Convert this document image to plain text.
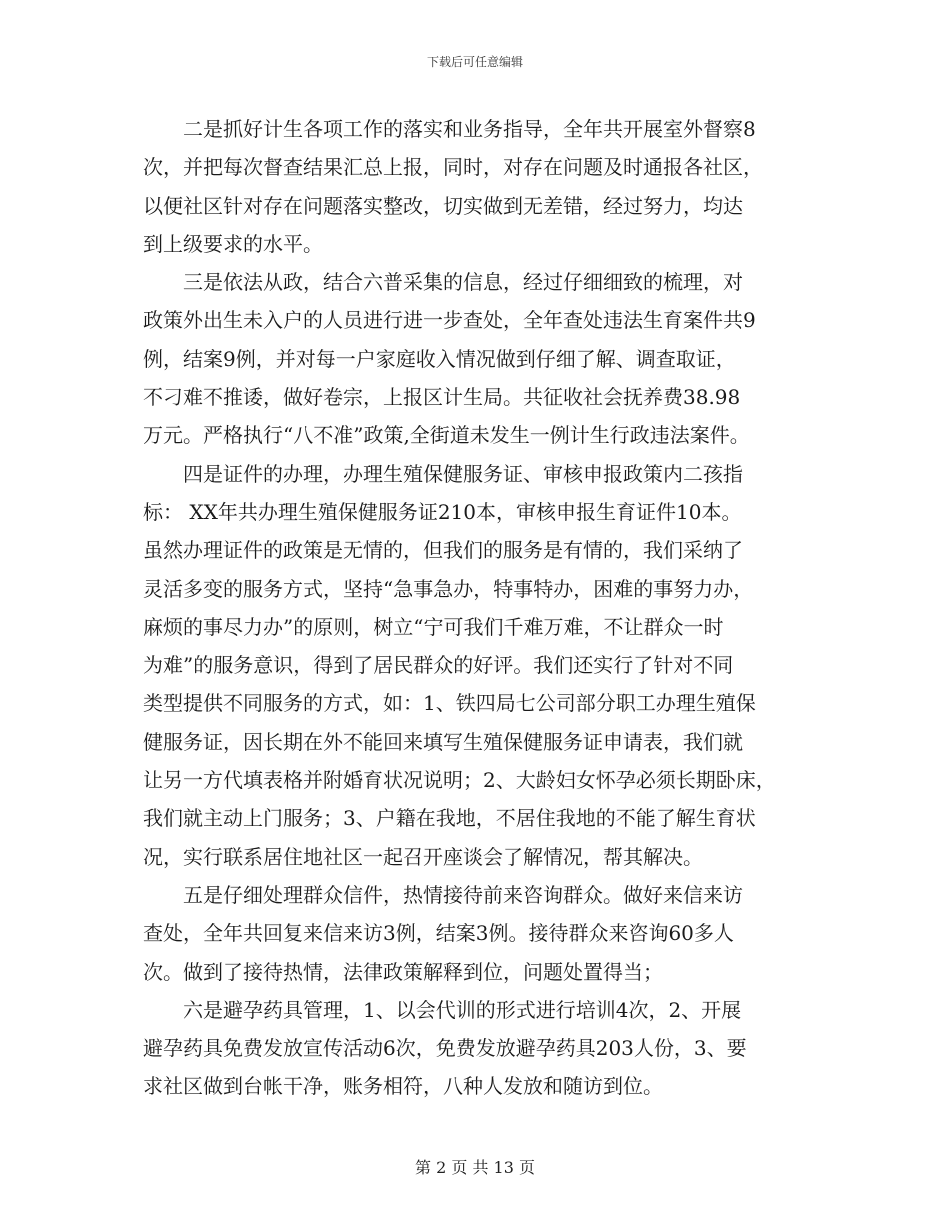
下载后可任意编辑
　　二是抓好计生各项工作的落实和业务指导，全年共开展室外督察8
次，并把每次督查结果汇总上报，同时，对存在问题及时通报各社区，
以便社区针对存在问题落实整改，切实做到无差错，经过努力，均达
到上级要求的水平。
　　三是依法从政，结合六普采集的信息，经过仔细细致的梳理，对
政策外出生未入户的人员进行进一步查处，全年查处违法生育案件共9
例，结案9例，并对每一户家庭收入情况做到仔细了解、调查取证，
不刁难不推诿，做好卷宗，上报区计生局。共征收社会抚养费38.98
万元。严格执行“八不准”政策,全街道未发生一例计生行政违法案件。
　　四是证件的办理，办理生殖保健服务证、审核申报政策内二孩指
标： XX年共办理生殖保健服务证210本，审核申报生育证件10本。
虽然办理证件的政策是无情的，但我们的服务是有情的，我们采纳了
灵活多变的服务方式，坚持“急事急办，特事特办，困难的事努力办，
麻烦的事尽力办”的原则，树立“宁可我们千难万难，不让群众一时
为难”的服务意识，得到了居民群众的好评。我们还实行了针对不同
类型提供不同服务的方式，如：1、铁四局七公司部分职工办理生殖保
健服务证，因长期在外不能回来填写生殖保健服务证申请表，我们就
让另一方代填表格并附婚育状况说明；2、大龄妇女怀孕必须长期卧床，
我们就主动上门服务；3、户籍在我地，不居住我地的不能了解生育状
况，实行联系居住地社区一起召开座谈会了解情况，帮其解决。
　　五是仔细处理群众信件，热情接待前来咨询群众。做好来信来访
查处，全年共回复来信来访3例，结案3例。接待群众来咨询60多人
次。做到了接待热情，法律政策解释到位，问题处置得当；
　　六是避孕药具管理，1、以会代训的形式进行培训4次，2、开展
避孕药具免费发放宣传活动6次，免费发放避孕药具203人份，3、要
求社区做到台帐干净，账务相符，八种人发放和随访到位。
第 2 页 共 13 页
